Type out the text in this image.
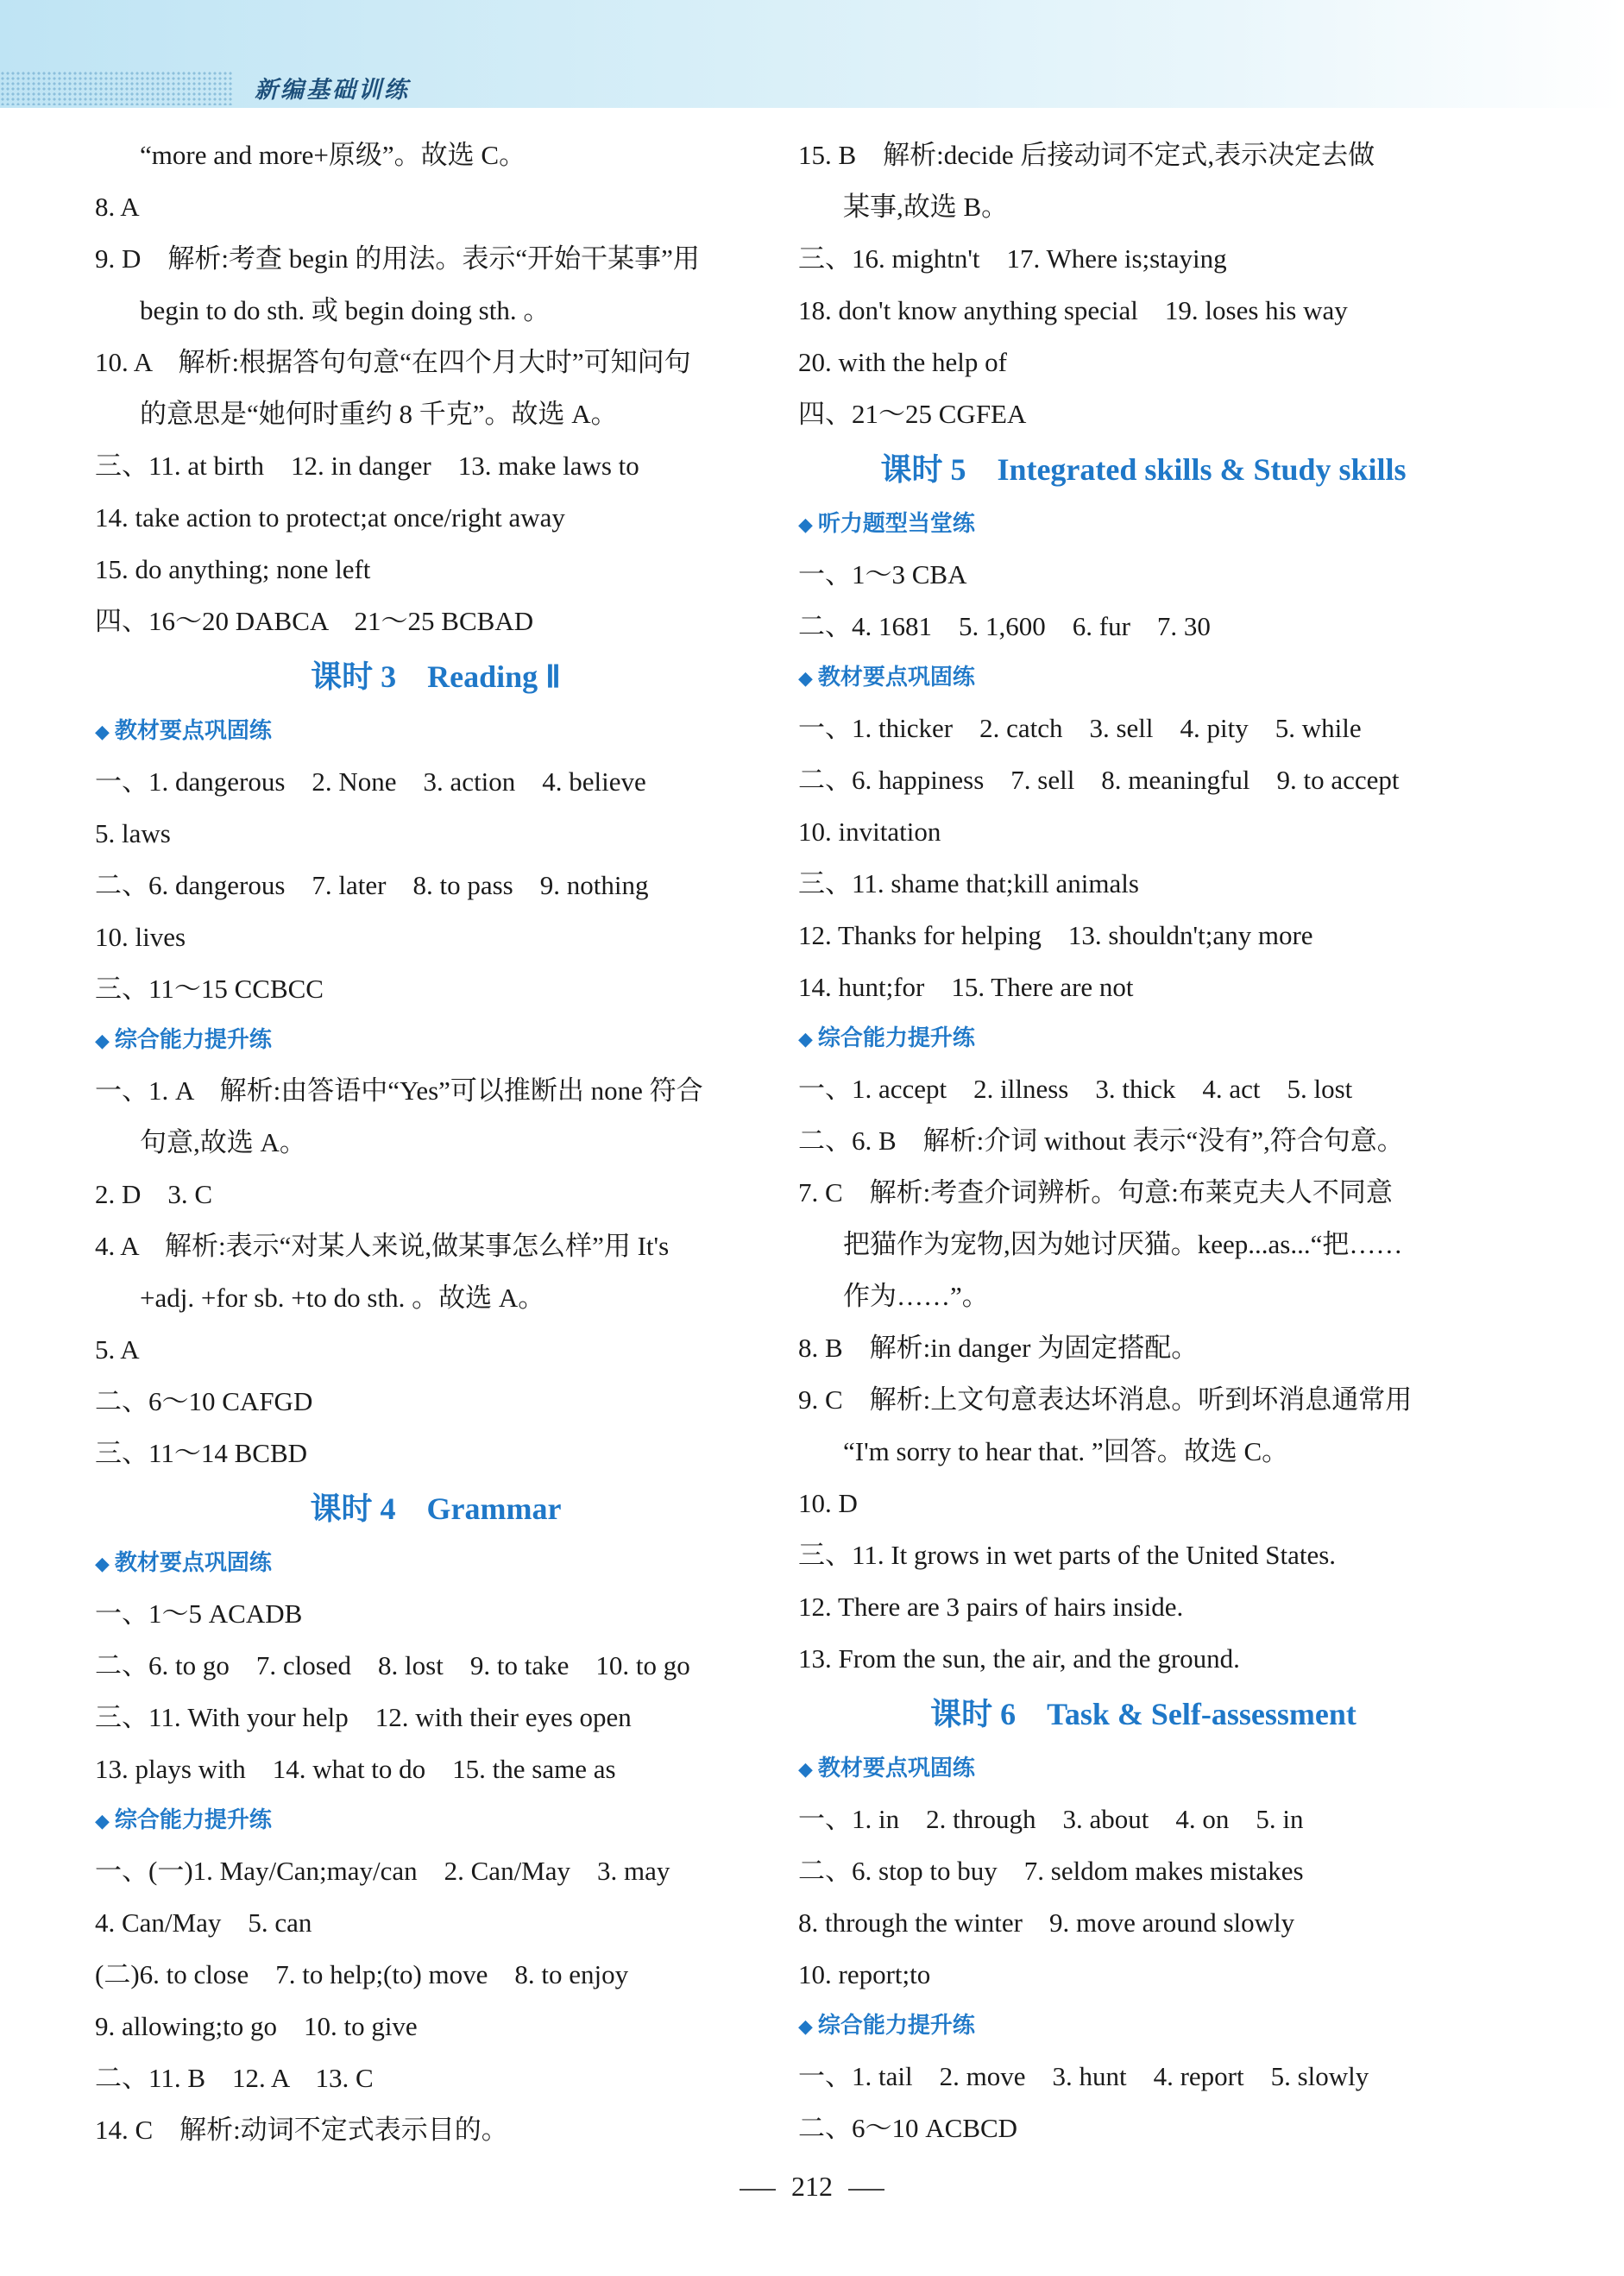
新编基础训练
“more and more+原级”。故选 C。
8. A
9. D　解析:考查 begin 的用法。表示“开始干某事”用
begin to do sth. 或 begin doing sth. 。
10. A　解析:根据答句句意“在四个月大时”可知问句
的意思是“她何时重约 8 千克”。故选 A。
三、11. at birth　12. in danger　13. make laws to
14. take action to protect;at once/right away
15. do anything; none left
四、16～20 DABCA　21～25 BCBAD
课时 3　Reading Ⅱ
◆ 教材要点巩固练
一、1. dangerous　2. None　3. action　4. believe
5. laws
二、6. dangerous　7. later　8. to pass　9. nothing
10. lives
三、11～15 CCBCC
◆ 综合能力提升练
一、1. A　解析:由答语中“Yes”可以推断出 none 符合
句意,故选 A。
2. D　3. C
4. A　解析:表示“对某人来说,做某事怎么样”用 It's
+adj. +for sb. +to do sth. 。故选 A。
5. A
二、6～10 CAFGD
三、11～14 BCBD
课时 4　Grammar
◆ 教材要点巩固练
一、1～5 ACADB
二、6. to go　7. closed　8. lost　9. to take　10. to go
三、11. With your help　12. with their eyes open
13. plays with　14. what to do　15. the same as
◆ 综合能力提升练
一、(一)1. May/Can;may/can　2. Can/May　3. may
4. Can/May　5. can
(二)6. to close　7. to help;(to) move　8. to enjoy
9. allowing;to go　10. to give
二、11. B　12. A　13. C
14. C　解析:动词不定式表示目的。
15. B　解析:decide 后接动词不定式,表示决定去做
某事,故选 B。
三、16. mightn't　17. Where is;staying
18. don't know anything special　19. loses his way
20. with the help of
四、21～25 CGFEA
课时 5　Integrated skills & Study skills
◆ 听力题型当堂练
一、1～3 CBA
二、4. 1681　5. 1,600　6. fur　7. 30
◆ 教材要点巩固练
一、1. thicker　2. catch　3. sell　4. pity　5. while
二、6. happiness　7. sell　8. meaningful　9. to accept
10. invitation
三、11. shame that;kill animals
12. Thanks for helping　13. shouldn't;any more
14. hunt;for　15. There are not
◆ 综合能力提升练
一、1. accept　2. illness　3. thick　4. act　5. lost
二、6. B　解析:介词 without 表示“没有”,符合句意。
7. C　解析:考查介词辨析。句意:布莱克夫人不同意
把猫作为宠物,因为她讨厌猫。keep...as...“把……
作为……”。
8. B　解析:in danger 为固定搭配。
9. C　解析:上文句意表达坏消息。听到坏消息通常用
“I'm sorry to hear that. ”回答。故选 C。
10. D
三、11. It grows in wet parts of the United States.
12. There are 3 pairs of hairs inside.
13. From the sun, the air, and the ground.
课时 6　Task & Self-assessment
◆ 教材要点巩固练
一、1. in　2. through　3. about　4. on　5. in
二、6. stop to buy　7. seldom makes mistakes
8. through the winter　9. move around slowly
10. report;to
◆ 综合能力提升练
一、1. tail　2. move　3. hunt　4. report　5. slowly
二、6～10 ACBCD
212
